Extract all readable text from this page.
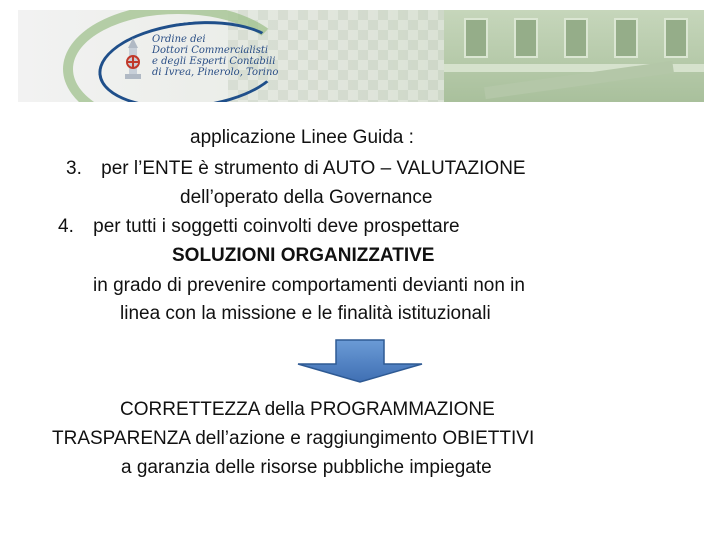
Ordine dei
Dottori Commercialisti
e degli Esperti Contabili
di Ivrea, Pinerolo, Torino
applicazione Linee Guida :
3. per l’ENTE è strumento di AUTO – VALUTAZIONE
dell’operato della Governance
4. per tutti i soggetti coinvolti deve prospettare
SOLUZIONI ORGANIZZATIVE
in grado di prevenire comportamenti devianti non in
linea con la missione e le finalità istituzionali
CORRETTEZZA della PROGRAMMAZIONE
TRASPARENZA dell’azione e raggiungimento OBIETTIVI
a garanzia delle risorse pubbliche impiegate
